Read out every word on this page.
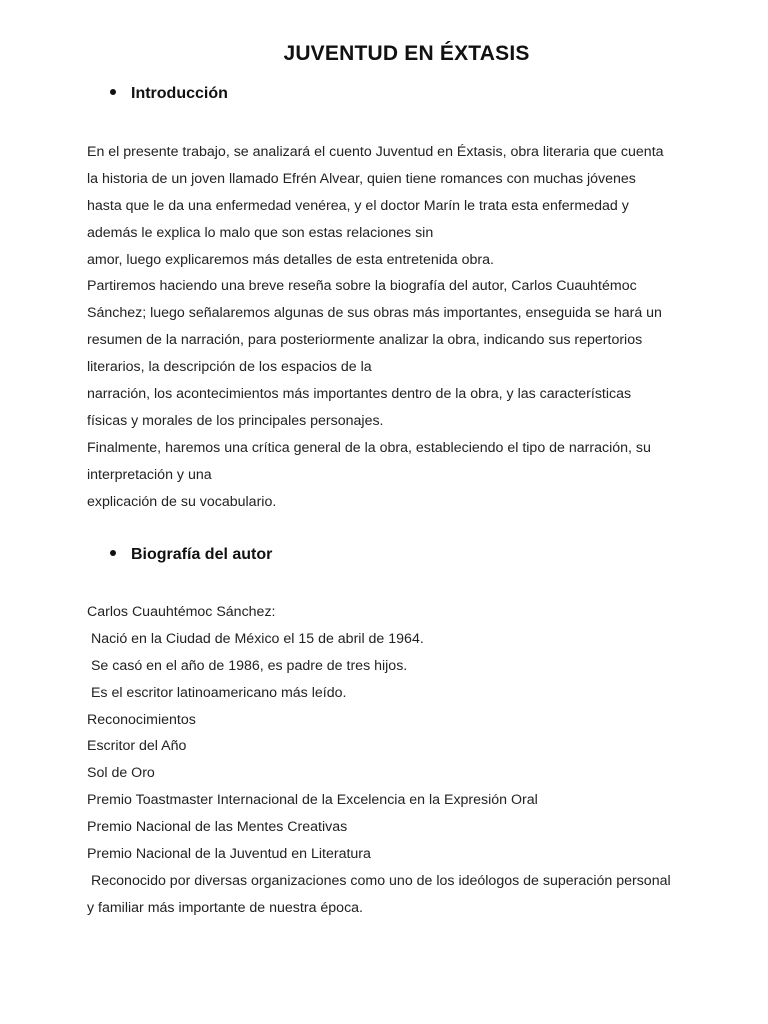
JUVENTUD EN ÉXTASIS
Introducción
En el presente trabajo, se analizará el cuento Juventud en Éxtasis, obra literaria que cuenta
la historia de un joven llamado Efrén Alvear, quien tiene romances con muchas jóvenes
hasta que le da una enfermedad venérea, y el doctor Marín le trata esta enfermedad y
además le explica lo malo que son estas relaciones sin
amor, luego explicaremos más detalles de esta entretenida obra.
Partiremos haciendo una breve reseña sobre la biografía del autor, Carlos Cuauhtémoc
Sánchez; luego señalaremos algunas de sus obras más importantes, enseguida se hará un
resumen de la narración, para posteriormente analizar la obra, indicando sus repertorios
literarios, la descripción de los espacios de la
narración, los acontecimientos más importantes dentro de la obra, y las características
físicas y morales de los principales personajes.
Finalmente, haremos una crítica general de la obra, estableciendo el tipo de narración, su
interpretación y una
explicación de su vocabulario.
Biografía del autor
Carlos Cuauhtémoc Sánchez:
Nació en la Ciudad de México el 15 de abril de 1964.
Se casó en el año de 1986, es padre de tres hijos.
Es el escritor latinoamericano más leído.
Reconocimientos
Escritor del Año
Sol de Oro
Premio Toastmaster Internacional de la Excelencia en la Expresión Oral
Premio Nacional de las Mentes Creativas
Premio Nacional de la Juventud en Literatura
Reconocido por diversas organizaciones como uno de los ideólogos de superación personal
y familiar más importante de nuestra época.
